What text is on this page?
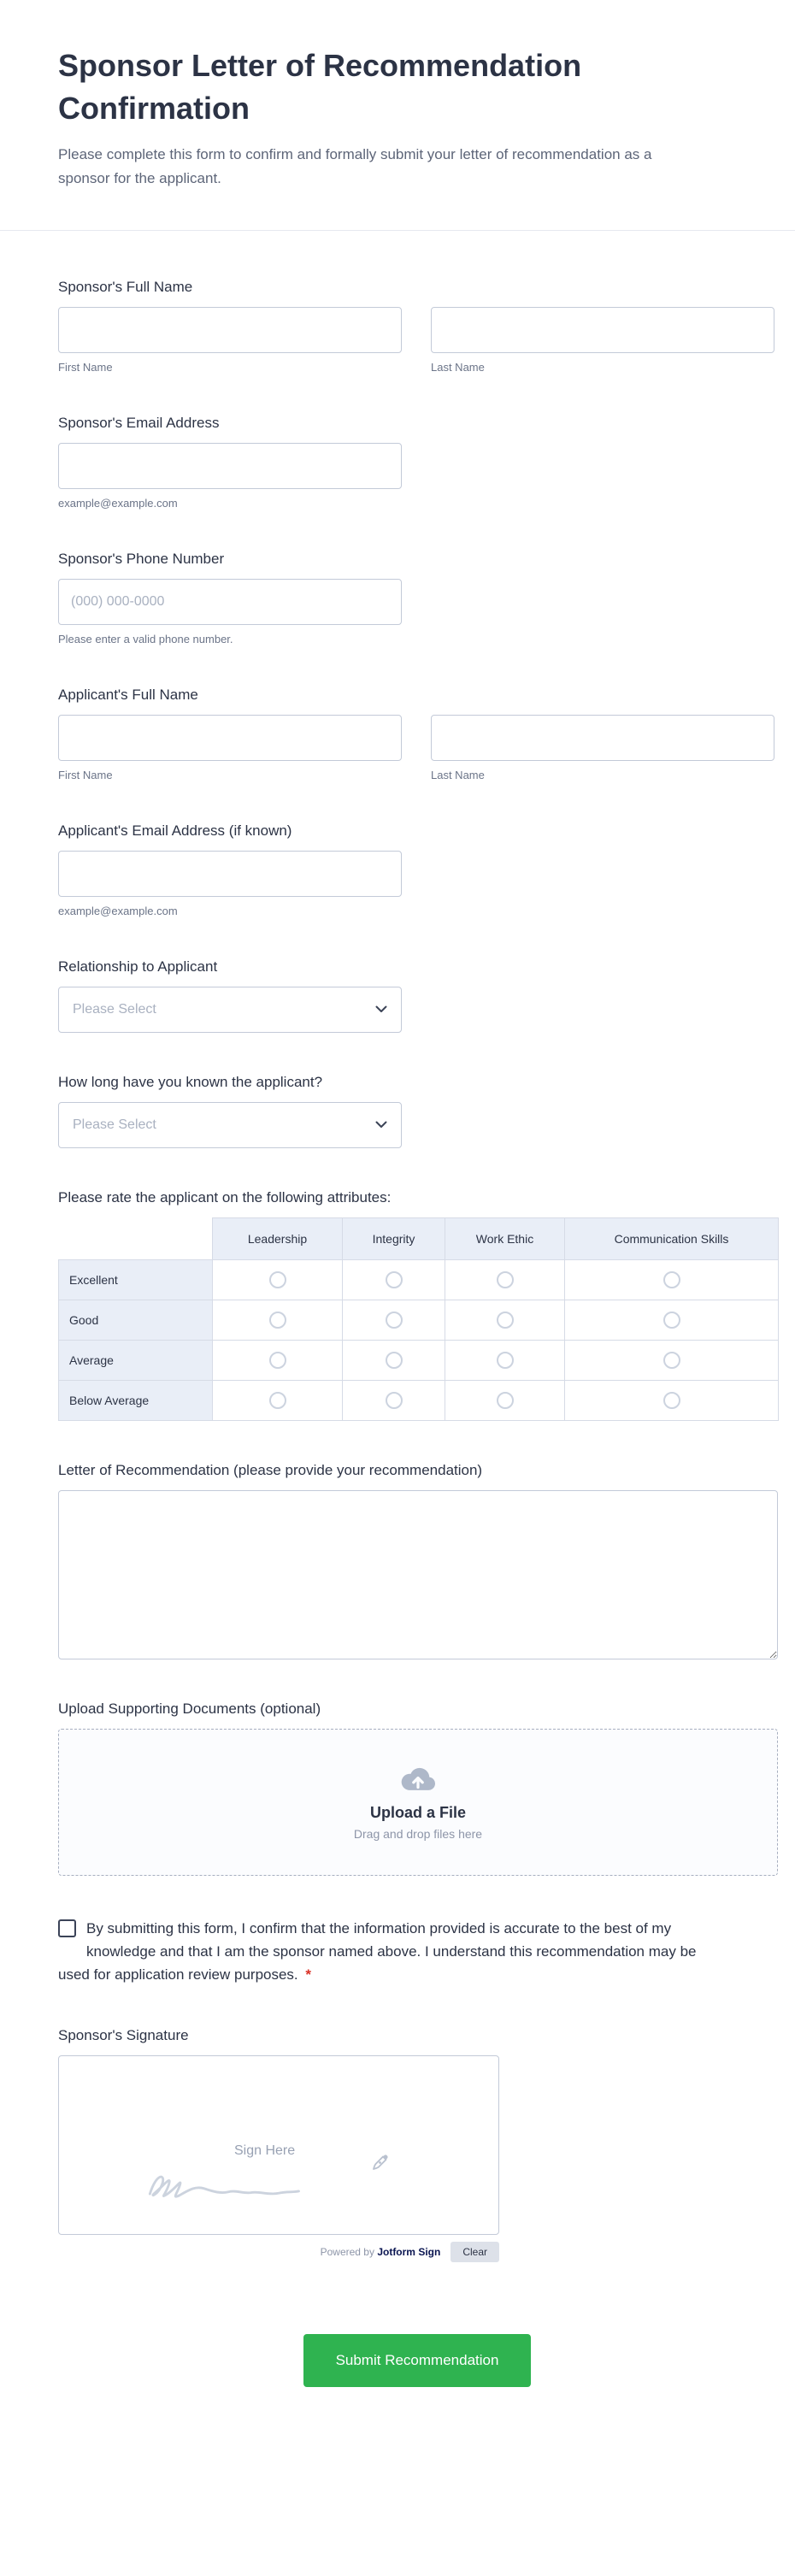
Sponsor Letter of Recommendation Confirmation

Please complete this form to confirm and formally submit your letter of recommendation as a sponsor for the applicant.

Sponsor's Full Name
First Name	Last Name
Sponsor's Email Address
example@example.com
Sponsor's Phone Number
(000) 000-0000
Please enter a valid phone number.
Applicant's Full Name
First Name	Last Name
Applicant's Email Address (if known)
example@example.com
Relationship to Applicant
Please Select
How long have you known the applicant?
Please Select
Please rate the applicant on the following attributes:
	Leadership	Integrity	Work Ethic	Communication Skills
Excellent				
Good				
Average				
Below Average				
Letter of Recommendation (please provide your recommendation)
Upload Supporting Documents (optional)
Upload a File
Drag and drop files here

By submitting this form, I confirm that the information provided is accurate to the best of my knowledge and that I am the sponsor named above. I understand this recommendation may be used for application review purposes. *

Sponsor's Signature
Sign Here
Powered by Jotform Sign	Clear
Submit Recommendation
